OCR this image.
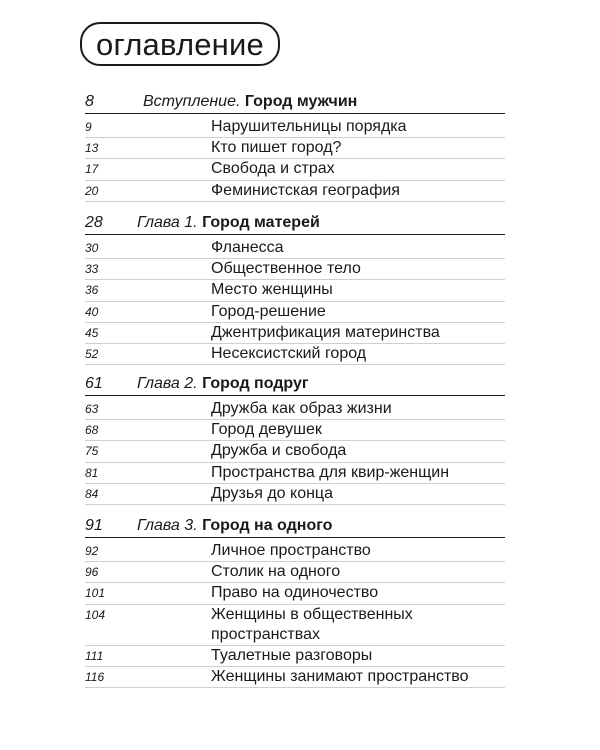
оглавление
8	Вступление. Город мужчин
9	Нарушительницы порядка
13	Кто пишет город?
17	Свобода и страх
20	Феминистская география
28 Глава 1. Город матерей
30	Фланесса
33	Общественное тело
36	Место женщины
40	Город-решение
45	Джентрификация материнства
52	Несексистский город
61 Глава 2. Город подруг
63	Дружба как образ жизни
68	Город девушек
75	Дружба и свобода
81	Пространства для квир-женщин
84	Друзья до конца
91 Глава 3. Город на одного
92	Личное пространство
96	Столик на одного
101	Право на одиночество
104	Женщины в общественных пространствах
111	Туалетные разговоры
116	Женщины занимают пространство
